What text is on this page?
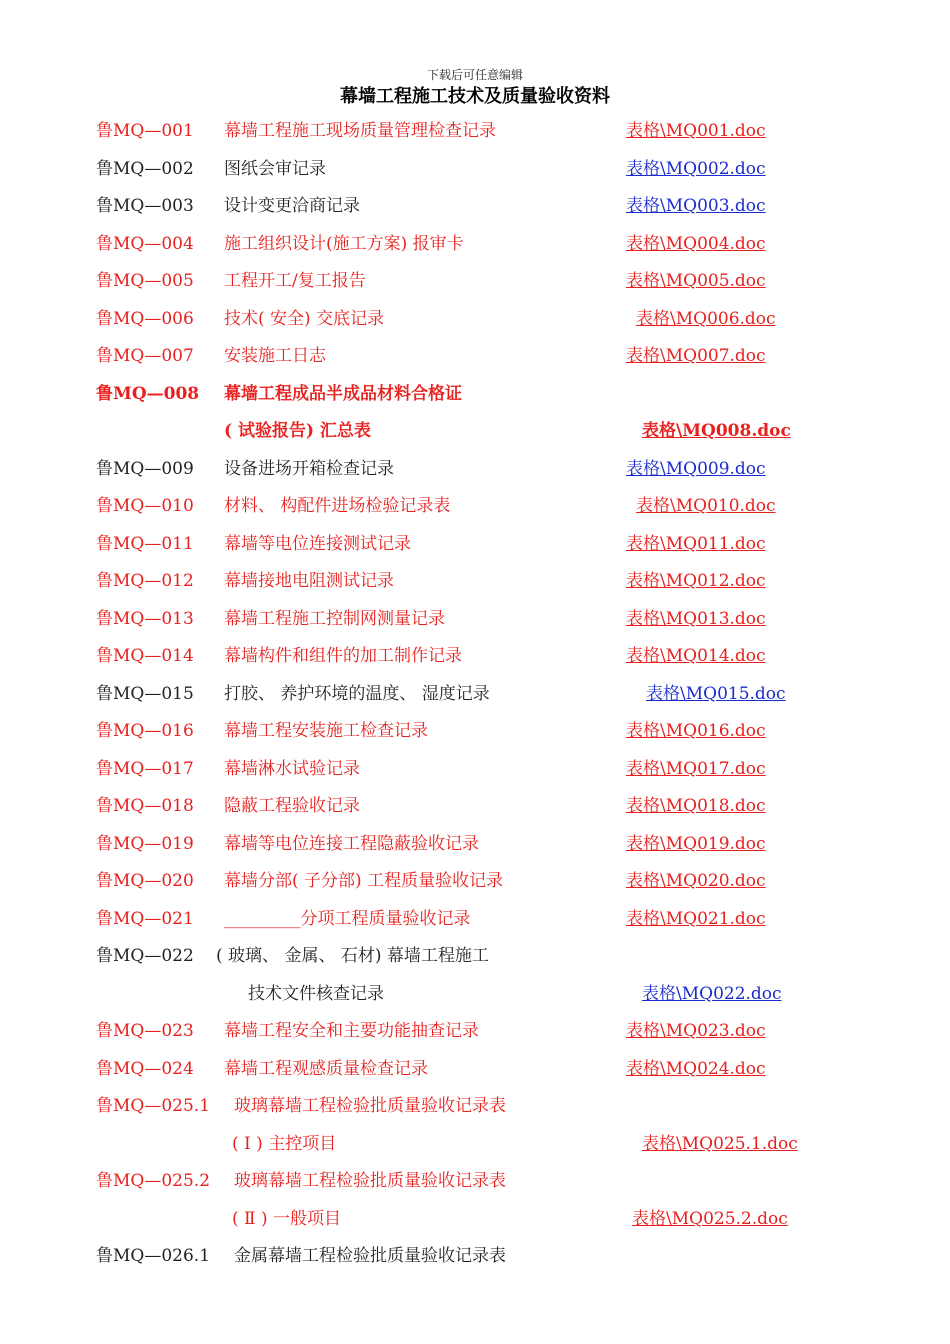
下载后可任意编辑
幕墙工程施工技术及质量验收资料
鲁MQ—001 幕墙工程施工现场质量管理检查记录	表格\MQ001.doc
鲁MQ—002 图纸会审记录	表格\MQ002.doc
鲁MQ—003 设计变更洽商记录	表格\MQ003.doc
鲁MQ—004 施工组织设计(施工方案) 报审卡	表格\MQ004.doc
鲁MQ—005 工程开工/复工报告	表格\MQ005.doc
鲁MQ—006 技术( 安全) 交底记录	表格\MQ006.doc
鲁MQ—007 安装施工日志	表格\MQ007.doc
鲁MQ—008 幕墙工程成品半成品材料合格证
( 试验报告) 汇总表	表格\MQ008.doc
鲁MQ—009 设备进场开箱检查记录	表格\MQ009.doc
鲁MQ—010 材料、 构配件进场检验记录表	表格\MQ010.doc
鲁MQ—011 幕墙等电位连接测试记录	表格\MQ011.doc
鲁MQ—012 幕墙接地电阻测试记录	表格\MQ012.doc
鲁MQ—013 幕墙工程施工控制网测量记录	表格\MQ013.doc
鲁MQ—014 幕墙构件和组件的加工制作记录	表格\MQ014.doc
鲁MQ—015 打胶、 养护环境的温度、 湿度记录	表格\MQ015.doc
鲁MQ—016 幕墙工程安装施工检查记录	表格\MQ016.doc
鲁MQ—017 幕墙淋水试验记录	表格\MQ017.doc
鲁MQ—018 隐蔽工程验收记录	表格\MQ018.doc
鲁MQ—019 幕墙等电位连接工程隐蔽验收记录	表格\MQ019.doc
鲁MQ—020 幕墙分部( 子分部) 工程质量验收记录	表格\MQ020.doc
鲁MQ—021 _________分项工程质量验收记录	表格\MQ021.doc
鲁MQ—022 ( 玻璃、 金属、 石材) 幕墙工程施工
技术文件核查记录	表格\MQ022.doc
鲁MQ—023 幕墙工程安全和主要功能抽查记录	表格\MQ023.doc
鲁MQ—024 幕墙工程观感质量检查记录	表格\MQ024.doc
鲁MQ—025.1 玻璃幕墙工程检验批质量验收记录表
( Ⅰ ) 主控项目	表格\MQ025.1.doc
鲁MQ—025.2 玻璃幕墙工程检验批质量验收记录表
( Ⅱ ) 一般项目	表格\MQ025.2.doc
鲁MQ—026.1 金属幕墙工程检验批质量验收记录表
